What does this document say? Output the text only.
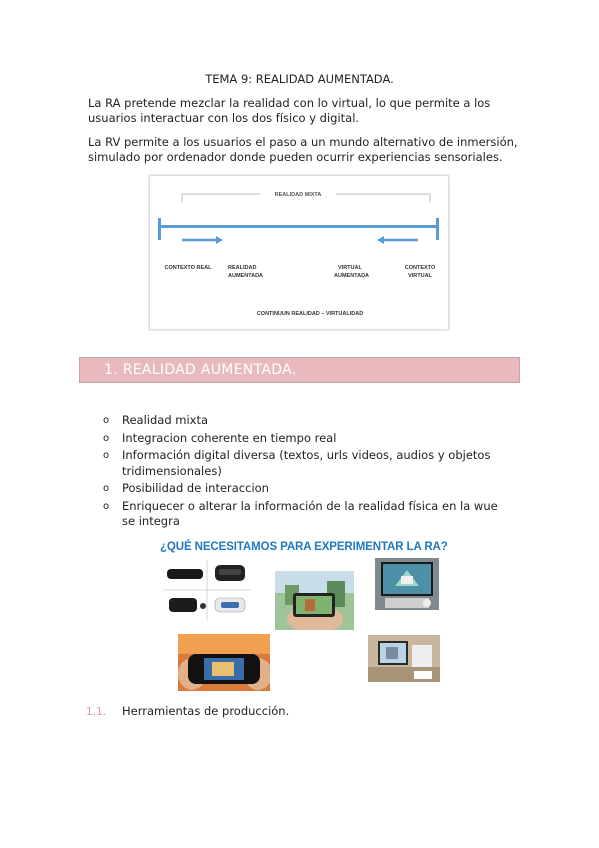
TEMA 9: REALIDAD AUMENTADA.
La RA pretende mezclar la realidad con lo virtual, lo que permite a los usuarios interactuar con los dos físico y digital.
La RV permite a los usuarios el paso a un mundo alternativo de inmersión, simulado por ordenador donde pueden ocurrir experiencias sensoriales.
REALIDAD MIXTA
CONTEXTO REAL	REALIDAD
AUMENTADA
VIRTUAL
AUMENTADA
CONTEXTO
VIRTUAL
CONTINUUN REALIDAD – VIRTUALIDAD
1. REALIDAD AUMENTADA.
o Realidad mixta
o Integracion coherente en tiempo real
o Información digital diversa (textos, urls videos, audios y objetos tridimensionales)
o Posibilidad de interaccion
o Enriquecer o alterar la información de la realidad física en la wue se integra
¿QUÉ NECESITAMOS PARA EXPERIMENTAR LA RA?
1.1. Herramientas de producción.
